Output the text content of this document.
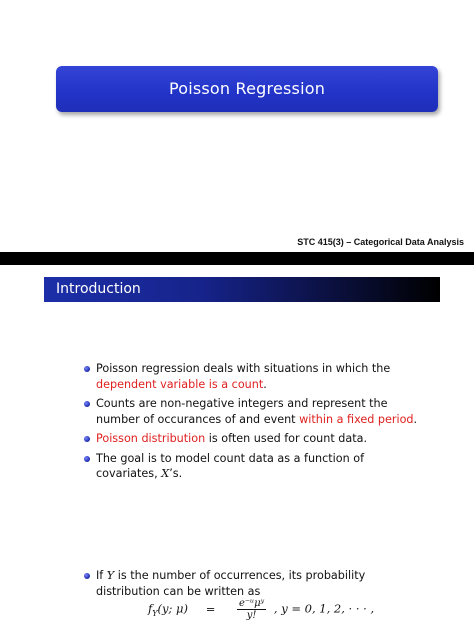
Poisson Regression
STC 415(3) – Categorical Data Analysis
Introduction
Poisson regression deals with situations in which the dependent variable is a count.
Counts are non-negative integers and represent the number of occurances of and event within a fixed period.
Poisson distribution is often used for count data.
The goal is to model count data as a function of covariates, X’s.
If Y is the number of occurrences, its probability distribution can be written as
$f_Y(y$; $\mu) = \frac{\text{e⁻ᵘμʸ}}{y!}$ , y = 0, 1, 2, · · · ,
